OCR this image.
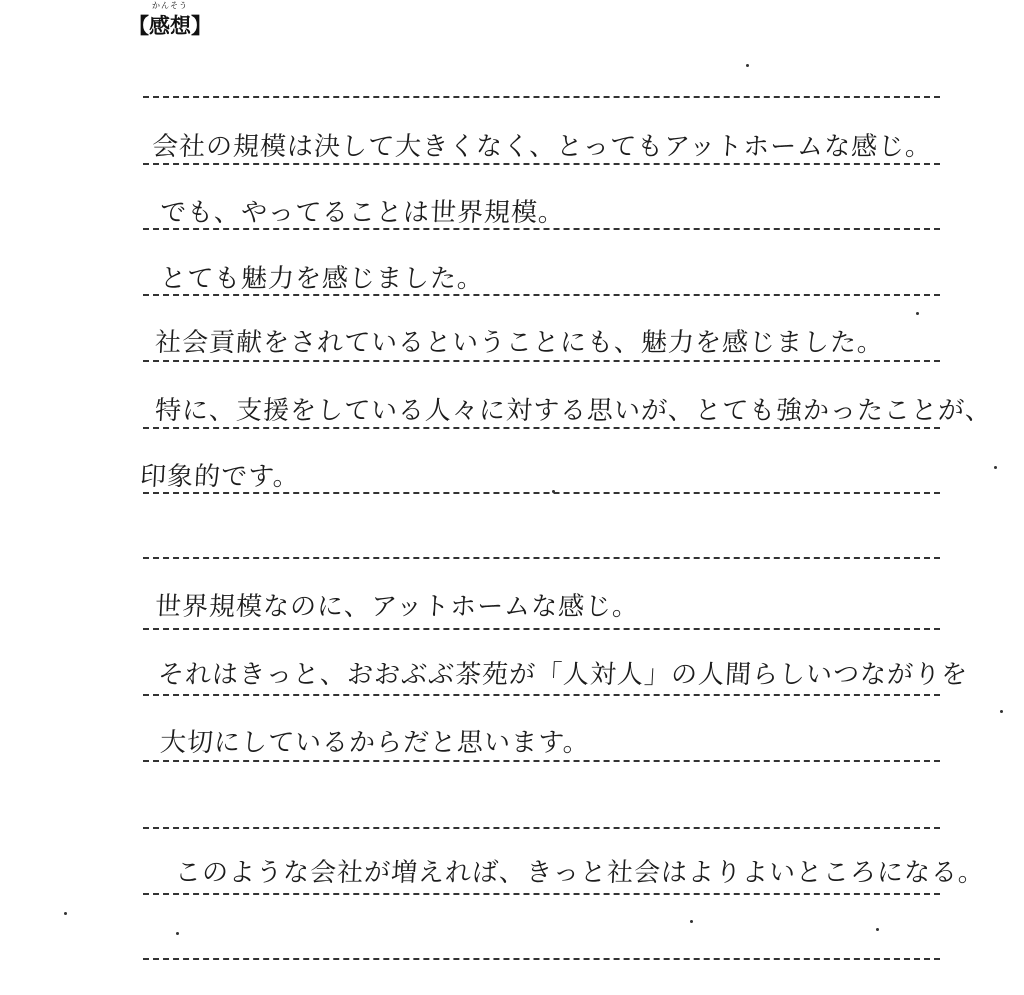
【
かんそう
感想】
会社の規模は決して大きくなく、とってもアットホームな感じ。
でも、やってることは世界規模。
とても魅力を感じました。
社会貢献をされているということにも、魅力を感じました。
特に、支援をしている人々に対する思いが、とても強かったことが、
印象的です。
世界規模なのに、アットホームな感じ。
それはきっと、おおぶぶ茶苑が「人対人」の人間らしいつながりを
大切にしているからだと思います。
このような会社が増えれば、きっと社会はよりよいところになる。
